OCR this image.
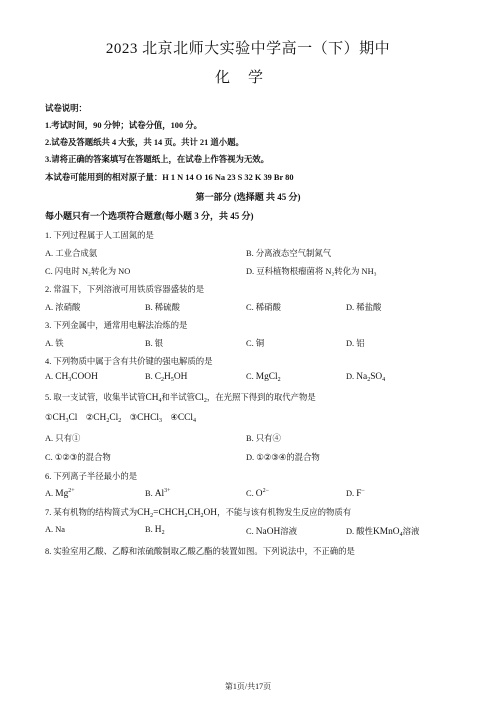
2023 北京北师大实验中学高一（下）期中
化学
试卷说明：
1.考试时间，90 分钟；试卷分值，100 分。
2.试卷及答题纸共 4 大张，共 14 页。共计 21 道小题。
3.请将正确的答案填写在答题纸上，在试卷上作答视为无效。
本试卷可能用到的相对原子量：H 1 N 14 O 16 Na 23 S 32 K 39 Br 80
第一部分 (选择题 共 45 分)
每小题只有一个选项符合题意(每小题 3 分，共 45 分)
1. 下列过程属于人工固氮的是
A. 工业合成氨	B. 分离液态空气制氮气
C. 闪电时 N₂转化为 NO	D. 豆科植物根瘤菌将 N₂转化为 NH₃
2. 常温下，下列溶液可用铁质容器盛装的是
A. 浓硝酸	B. 稀硫酸	C. 稀硝酸	D. 稀盐酸
3. 下列金属中，通常用电解法冶炼的是
A. 铁	B. 银	C. 铜	D. 铝
4. 下列物质中属于含有共价键的强电解质的是
A. $CH_3COOH$	B. $C_2H_5OH$	C. MgCl$_2$	D. $Na_2SO_4$
5. 取一支试管，收集半试管$CH_4$和半试管$Cl_2$，在光照下得到的取代产物是
$①CH_3Cl$ $②CH_2Cl_2$ ③CHCl$_3$ ④CCl$_4$
A. 只有①	B. 只有④
C. ①②③的混合物	D. ①②③④的混合物
6. 下列离子半径最小的是
A. $Mg^{2+}$	B. $Al^{3+}$	C. $O^{2-}$	D. F−
7. 某有机物的结构简式为$CH_2=CHCH_2CH_2OH$，不能与该有机物发生反应的物质有
A. Na	B. $H_2$	C. NaOH溶液	D. 酸性KMnO$_4$溶液
8. 实验室用乙酸、乙醇和浓硫酸制取乙酸乙酯的装置如图。下列说法中，不正确的是
第1页/共17页
